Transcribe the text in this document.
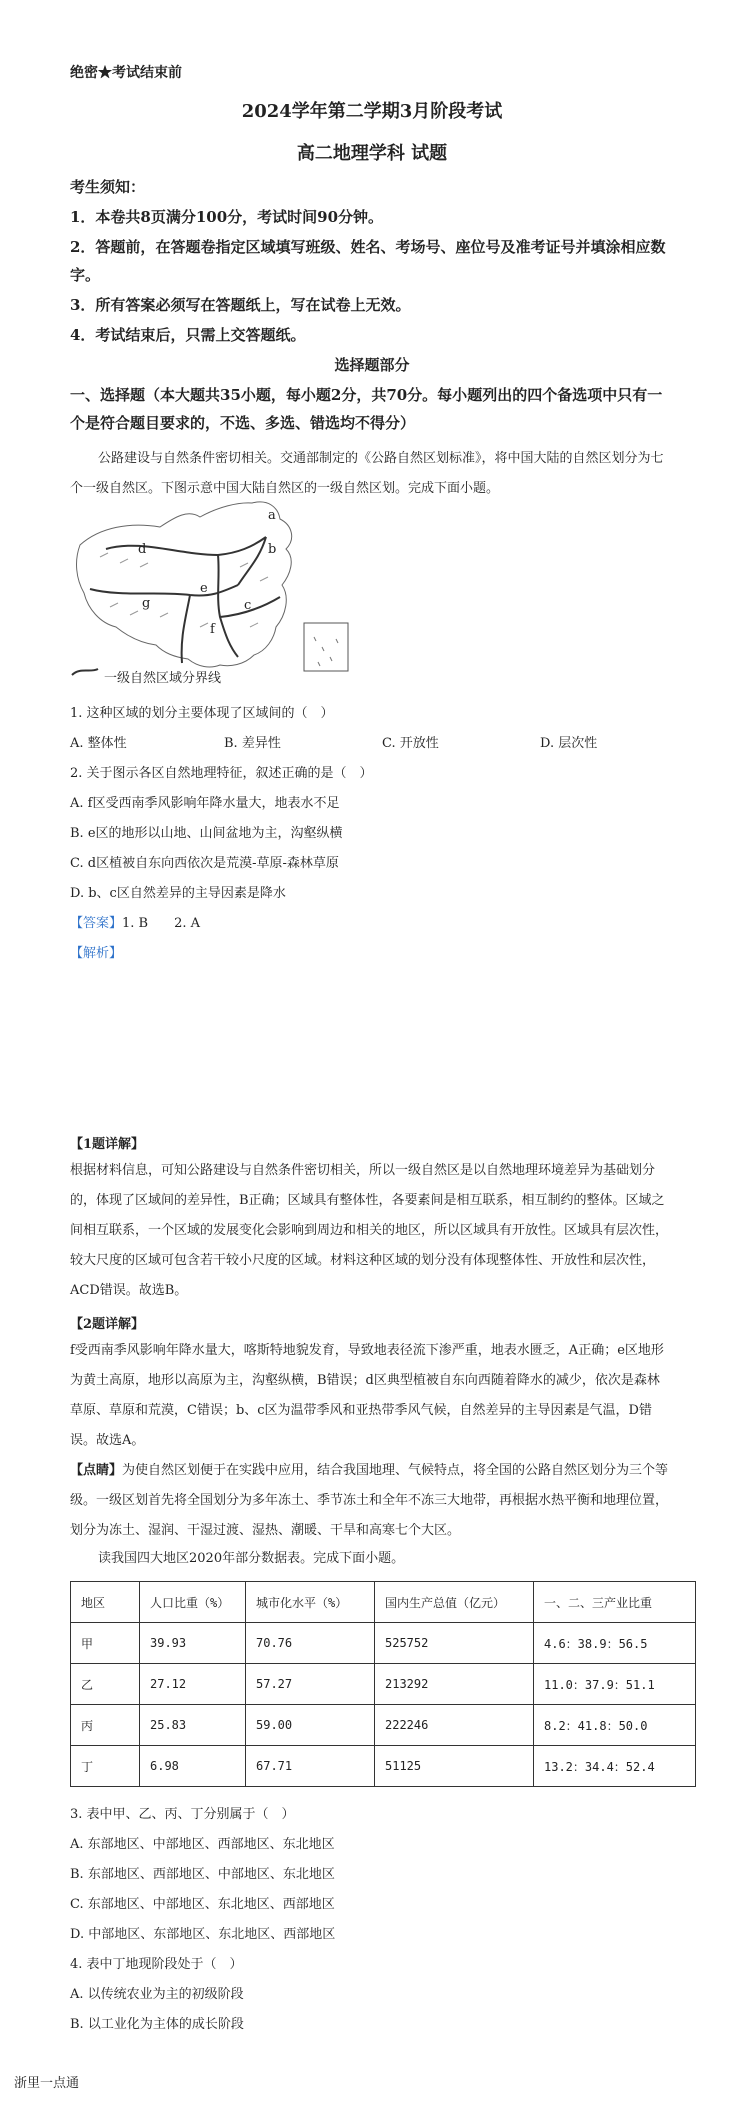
绝密★考试结束前
2024学年第二学期3月阶段考试
高二地理学科 试题
考生须知：
1．本卷共8页满分100分，考试时间90分钟。
2．答题前，在答题卷指定区域填写班级、姓名、考场号、座位号及准考证号并填涂相应数
字。
3．所有答案必须写在答题纸上，写在试卷上无效。
4．考试结束后，只需上交答题纸。
选择题部分
一、选择题（本大题共35小题，每小题2分，共70分。每小题列出的四个备选项中只有一
个是符合题目要求的，不选、多选、错选均不得分）
公路建设与自然条件密切相关。交通部制定的《公路自然区划标准》，将中国大陆的自然区划分为七
个一级自然区。下图示意中国大陆自然区的一级自然区划。完成下面小题。
a
b
c
d
e
f
g
一级自然区域分界线
1. 这种区域的划分主要体现了区域间的（　）
A. 整体性	B. 差异性	C. 开放性	D. 层次性
2. 关于图示各区自然地理特征，叙述正确的是（　）
A. f区受西南季风影响年降水量大，地表水不足
B. e区的地形以山地、山间盆地为主，沟壑纵横
C. d区植被自东向西依次是荒漠-草原-森林草原
D. b、c区自然差异的主导因素是降水
【答案】1. B 2. A
【解析】
【1题详解】
根据材料信息，可知公路建设与自然条件密切相关，所以一级自然区是以自然地理环境差异为基础划分
的，体现了区域间的差异性，B正确；区域具有整体性，各要素间是相互联系，相互制约的整体。区域之
间相互联系，一个区域的发展变化会影响到周边和相关的地区，所以区域具有开放性。区域具有层次性，
较大尺度的区域可包含若干较小尺度的区域。材料这种区域的划分没有体现整体性、开放性和层次性，
ACD错误。故选B。
【2题详解】
f受西南季风影响年降水量大，喀斯特地貌发育，导致地表径流下渗严重，地表水匮乏，A正确；e区地形
为黄土高原，地形以高原为主，沟壑纵横，B错误；d区典型植被自东向西随着降水的减少，依次是森林
草原、草原和荒漠，C错误；b、c区为温带季风和亚热带季风气候，自然差异的主导因素是气温，D错
误。故选A。
【点睛】为使自然区划便于在实践中应用，结合我国地理、气候特点，将全国的公路自然区划分为三个等
级。一级区划首先将全国划分为多年冻土、季节冻土和全年不冻三大地带，再根据水热平衡和地理位置，
划分为冻土、湿润、干湿过渡、湿热、潮暖、干旱和高寒七个大区。
读我国四大地区2020年部分数据表。完成下面小题。
地区	人口比重（%）	城市化水平（%）	国内生产总值（亿元）	一、二、三产业比重
甲	39.93	70.76	525752	4.6：38.9：56.5
乙	27.12	57.27	213292	11.0：37.9：51.1
丙	25.83	59.00	222246	8.2：41.8：50.0
丁	6.98	67.71	51125	13.2：34.4：52.4
3. 表中甲、乙、丙、丁分别属于（　）
A. 东部地区、中部地区、西部地区、东北地区
B. 东部地区、西部地区、中部地区、东北地区
C. 东部地区、中部地区、东北地区、西部地区
D. 中部地区、东部地区、东北地区、西部地区
4. 表中丁地现阶段处于（　）
A. 以传统农业为主的初级阶段
B. 以工业化为主体的成长阶段
浙里一点通
